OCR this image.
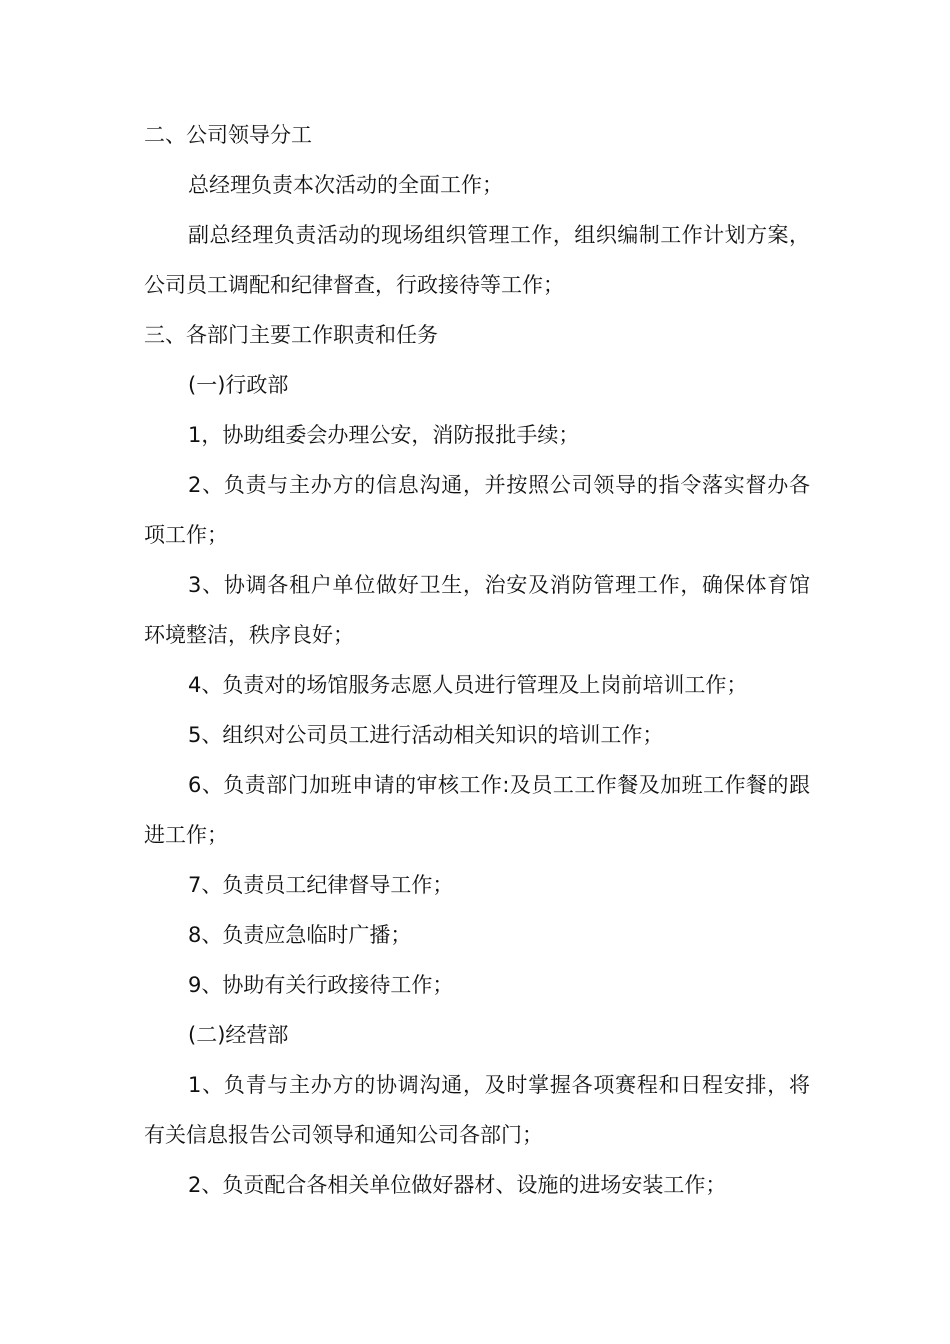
二、公司领导分工

总经理负责本次活动的全面工作；

副总经理负责活动的现场组织管理工作，组织编制工作计划方案，公司员工调配和纪律督查，行政接待等工作；

三、各部门主要工作职责和任务

(一)行政部

1，协助组委会办理公安，消防报批手续；

2、负责与主办方的信息沟通，并按照公司领导的指令落实督办各项工作；

3、协调各租户单位做好卫生，治安及消防管理工作，确保体育馆环境整洁，秩序良好；

4、负责对的场馆服务志愿人员进行管理及上岗前培训工作；

5、组织对公司员工进行活动相关知识的培训工作；

6、负责部门加班申请的审核工作:及员工工作餐及加班工作餐的跟进工作；

7、负责员工纪律督导工作；

8、负责应急临时广播；

9、协助有关行政接待工作；

(二)经营部

1、负青与主办方的协调沟通，及时掌握各项赛程和日程安排，将有关信息报告公司领导和通知公司各部门；

2、负贡配合各相关单位做好器材、设施的进场安装工作；
